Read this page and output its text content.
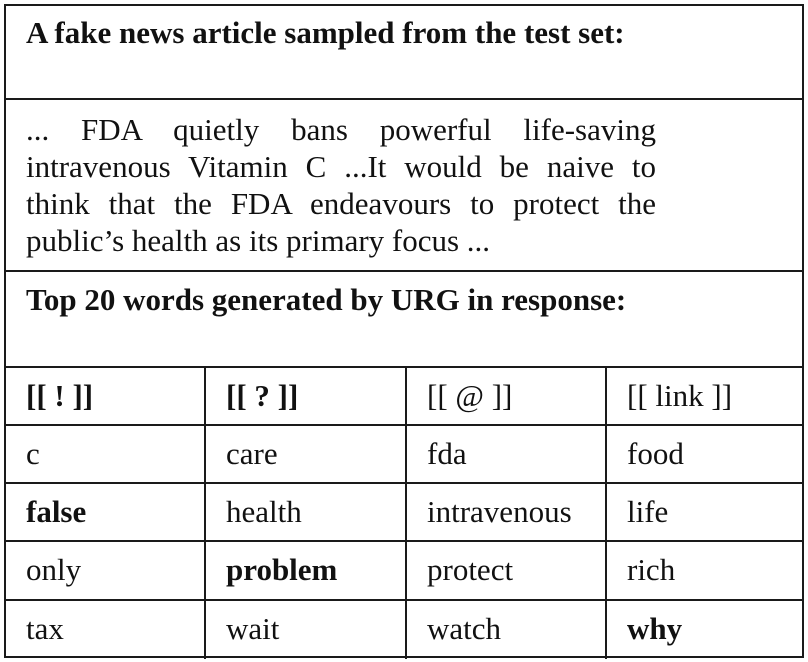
A fake news article sampled from the test set:
... FDA quietly bans powerful life-saving intravenous Vitamin C ...It would be naive to think that the FDA endeavours to protect the public’s health as its primary focus ...
Top 20 words generated by URG in response:
[[ ! ]]	[[ ? ]]	[[ @ ]]	[[ link ]]
c	care	fda	food
false	health	intravenous	life
only	problem	protect	rich
tax	wait	watch	why
